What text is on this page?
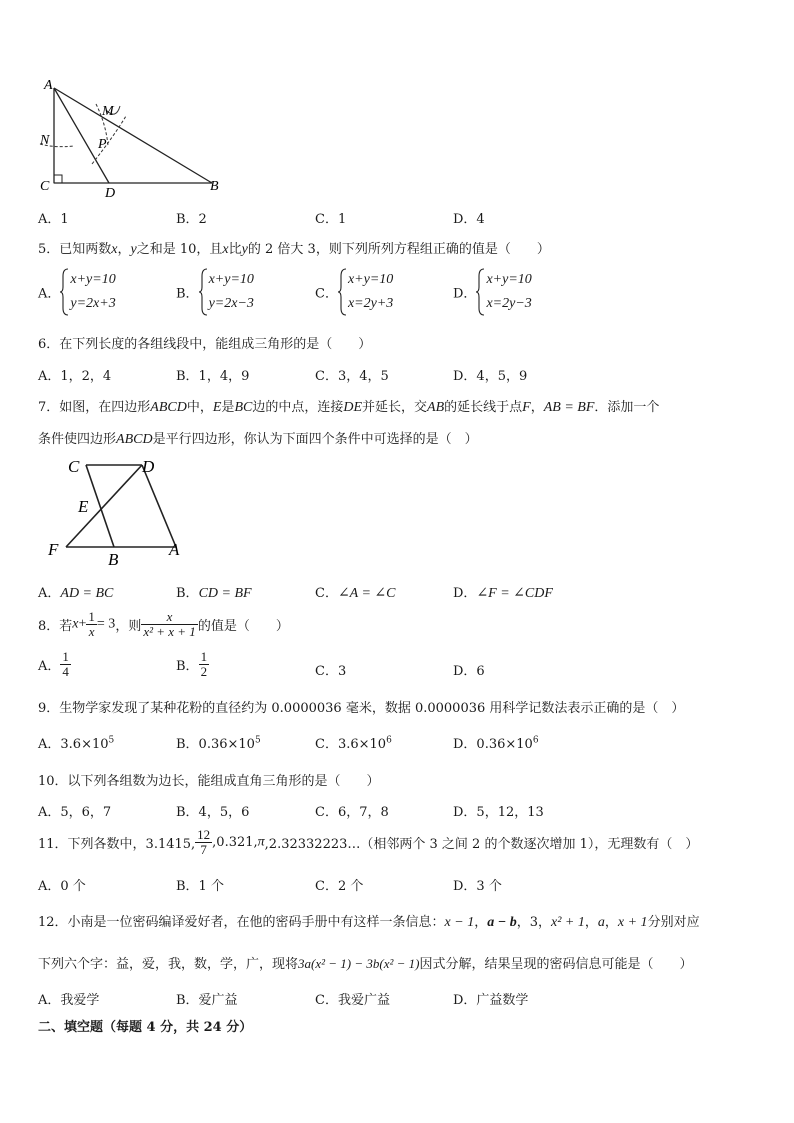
A
M
N	P
C	D	B
A．1	B．2	C．1	D．4
5．已知两数x，y之和是 10，且x比y的 2 倍大 3，则下列所列方程组正确的值是（　　）
A．
x+y=10
y=2x+3
B．
x+y=10
y=2x−3
C．
x+y=10
x=2y+3
D．
x+y=10
x=2y−3
6．在下列长度的各组线段中，能组成三角形的是（　　）
A．1，2，4	B．1，4，9	C．3，4，5	D．4，5，9
7．如图，在四边形ABCD中，E是BC边的中点，连接DE并延长，交AB的延长线于点F，AB = BF．添加一个
条件使四边形ABCD是平行四边形，你认为下面四个条件中可选择的是（　）
C	D
E
F
B
A
A．AD = BC	B．CD = BF	C．∠A = ∠C	D．∠F = ∠CDF
8．若$x+ \frac{1}{x} = 3$，则 $\frac{x}{\text{x² + x + 1}}$ 的值是（　　）
A． $\frac{1}{4}$	B． $\frac{1}{2}$	C．3	D．6
9．生物学家发现了某种花粉的直径约为 0.0000036 毫米，数据 0.0000036 用科学记数法表示正确的是（　）
A．$3.6\times 10^5$	B．$0.36\times 10^5$	C．$3.6\times 10^6$	D．$0.36\times 10^6$
10．以下列各组数为边长，能组成直角三角形的是（　　）
A．5，6，7	B．4，5，6	C．6，7，8	D．5，12，13
11．下列各数中，3.1415, $\frac{12}{7}$ ,0.321,π,2.32332223…（相邻两个 3 之间 2 的个数逐次增加 1），无理数有（　）
A．0 个	B．1 个	C．2 个	D．3 个
12．小南是一位密码编译爱好者，在他的密码手册中有这样一条信息：x − 1，a − b，3，x² + 1，a，x + 1分别对应
下列六个字：益，爱，我，数，学，广，现将3a(x² − 1) − 3b(x² − 1)因式分解，结果呈现的密码信息可能是（　　）
A．我爱学	B．爱广益	C．我爱广益	D．广益数学
二、填空题（每题 4 分，共 24 分）
